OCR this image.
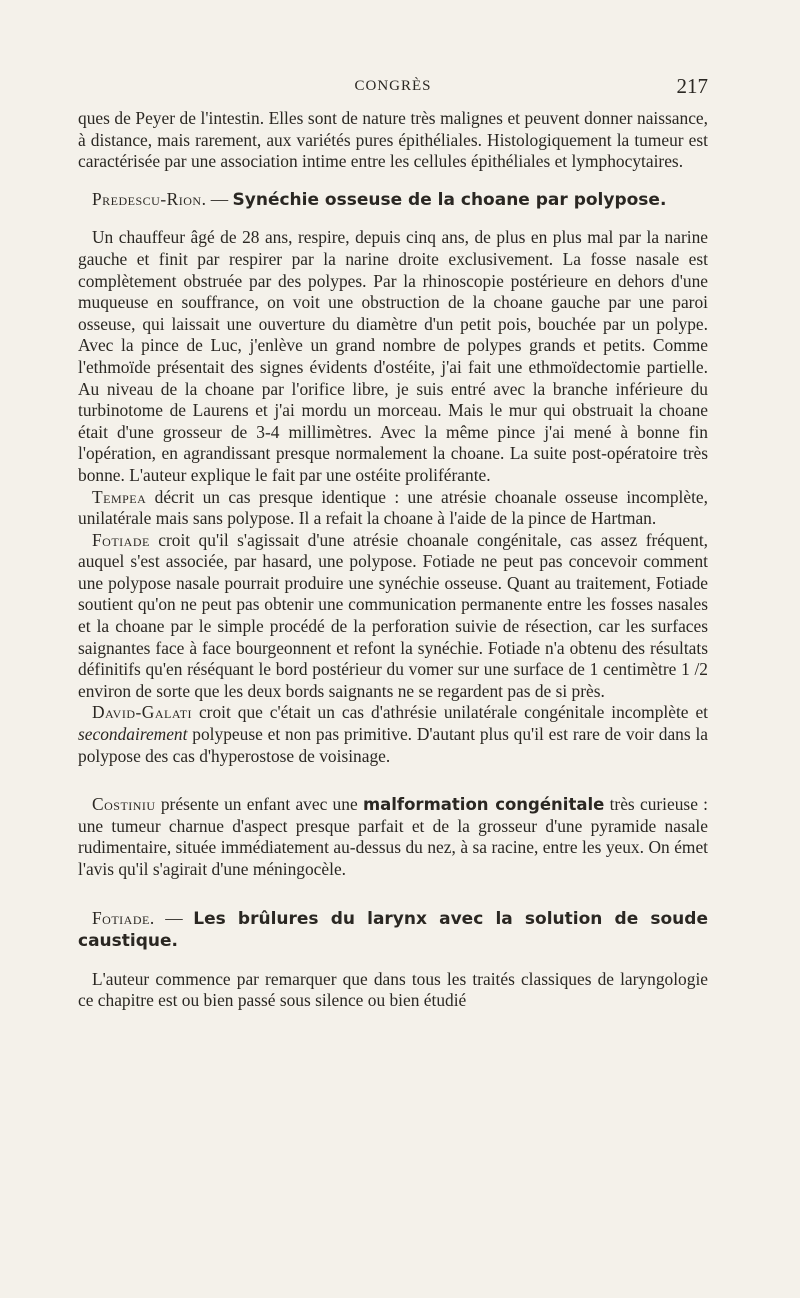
CONGRÈS	217

ques de Peyer de l'intestin. Elles sont de nature très malignes et peuvent donner naissance, à distance, mais rarement, aux variétés pures épithéliales. Histologiquement la tumeur est caractérisée par une association intime entre les cellules épithéliales et lymphocytaires.

Predescu-Rion. — Synéchie osseuse de la choane par polypose.

Un chauffeur âgé de 28 ans, respire, depuis cinq ans, de plus en plus mal par la narine gauche et finit par respirer par la narine droite exclusivement. La fosse nasale est complètement obstruée par des polypes. Par la rhinoscopie postérieure en dehors d'une muqueuse en souffrance, on voit une obstruction de la choane gauche par une paroi osseuse, qui laissait une ouverture du diamètre d'un petit pois, bouchée par un polype. Avec la pince de Luc, j'enlève un grand nombre de polypes grands et petits. Comme l'ethmoïde présentait des signes évidents d'ostéite, j'ai fait une ethmoïdectomie partielle. Au niveau de la choane par l'orifice libre, je suis entré avec la branche inférieure du turbinotome de Laurens et j'ai mordu un morceau. Mais le mur qui obstruait la choane était d'une grosseur de 3-4 millimètres. Avec la même pince j'ai mené à bonne fin l'opération, en agrandissant presque normalement la choane. La suite post-opératoire très bonne. L'auteur explique le fait par une ostéite proliférante.

Tempea décrit un cas presque identique : une atrésie choanale osseuse incomplète, unilatérale mais sans polypose. Il a refait la choane à l'aide de la pince de Hartman.

Fotiade croit qu'il s'agissait d'une atrésie choanale congénitale, cas assez fréquent, auquel s'est associée, par hasard, une polypose. Fotiade ne peut pas concevoir comment une polypose nasale pourrait produire une synéchie osseuse. Quant au traitement, Fotiade soutient qu'on ne peut pas obtenir une communication permanente entre les fosses nasales et la choane par le simple procédé de la perforation suivie de résection, car les surfaces saignantes face à face bourgeonnent et refont la synéchie. Fotiade n'a obtenu des résultats définitifs qu'en réséquant le bord postérieur du vomer sur une surface de 1 centimètre 1 /2 environ de sorte que les deux bords saignants ne se regardent pas de si près.

David-Galati croit que c'était un cas d'athrésie unilatérale congénitale incomplète et secondairement polypeuse et non pas primitive. D'autant plus qu'il est rare de voir dans la polypose des cas d'hyperostose de voisinage.

Costiniu présente un enfant avec une malformation congénitale très curieuse : une tumeur charnue d'aspect presque parfait et de la grosseur d'une pyramide nasale rudimentaire, située immédiatement au-dessus du nez, à sa racine, entre les yeux. On émet l'avis qu'il s'agirait d'une méningocèle.

Fotiade. — Les brûlures du larynx avec la solution de soude caustique.

L'auteur commence par remarquer que dans tous les traités classiques de laryngologie ce chapitre est ou bien passé sous silence ou bien étudié
